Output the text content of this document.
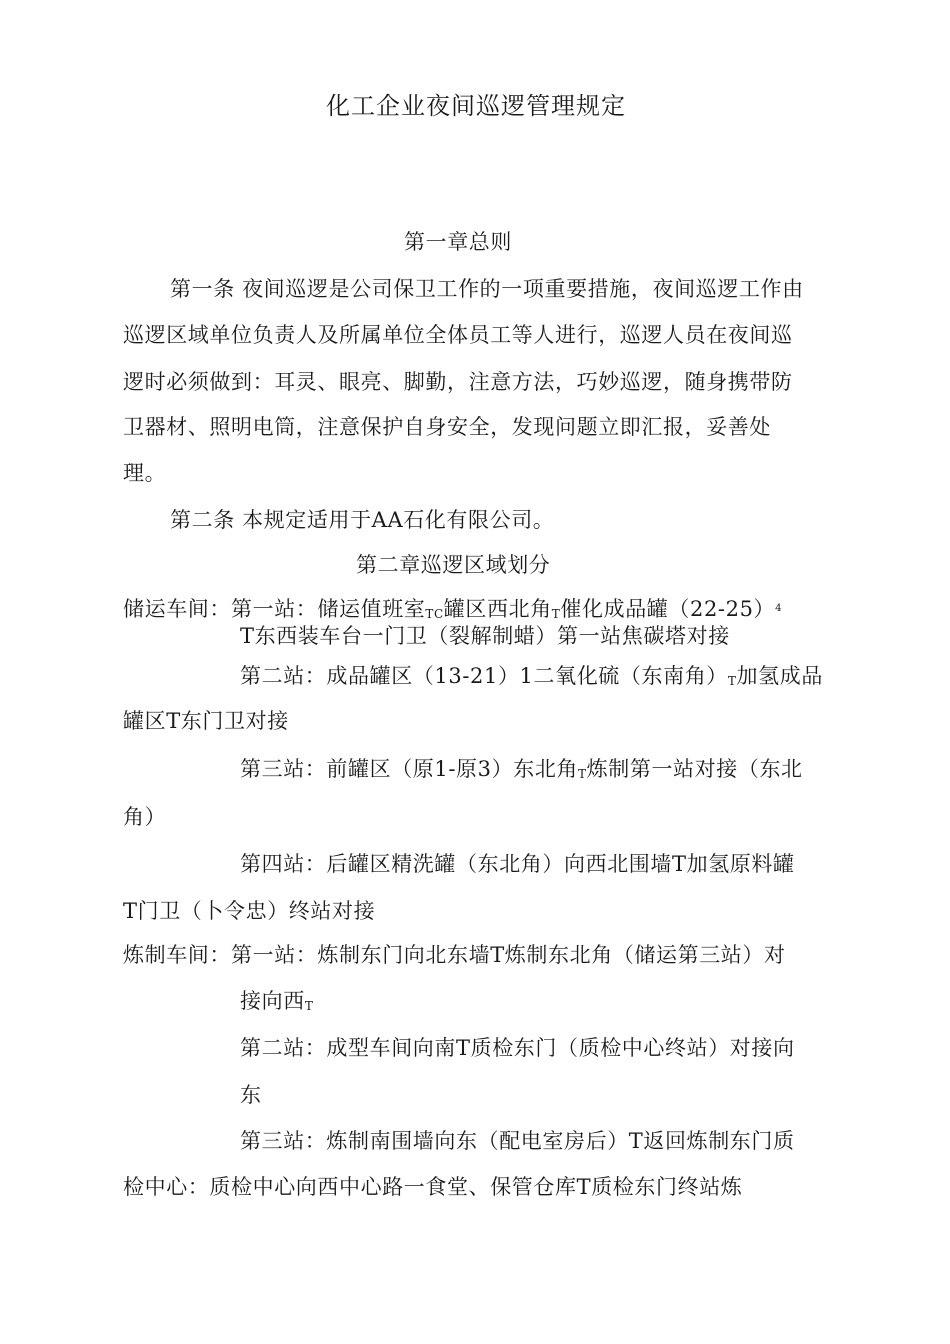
化工企业夜间巡逻管理规定
第一章总则
第一条 夜间巡逻是公司保卫工作的一项重要措施，夜间巡逻工作由
巡逻区域单位负责人及所属单位全体员工等人进行，巡逻人员在夜间巡
逻时必须做到：耳灵、眼亮、脚勤，注意方法，巧妙巡逻，随身携带防
卫器材、照明电筒，注意保护自身安全，发现问题立即汇报，妥善处
理。
第二条 本规定适用于AA石化有限公司。
第二章巡逻区域划分
储运车间：第一站：储运值班室TC罐区西北角T催化成品罐$(22-25)^4$
T东西装车台一门卫（裂解制蜡）第一站焦碳塔对接
第二站：成品罐区（13-21）1二氧化硫（东南角）T加氢成品
罐区T东门卫对接
第三站：前罐区（原1-原3）东北角T炼制第一站对接（东北
角）
第四站：后罐区精洗罐（东北角）向西北围墙T加氢原料罐
T门卫（卜令忠）终站对接
炼制车间：第一站：炼制东门向北东墙T炼制东北角（储运第三站）对
接向西T
第二站：成型车间向南T质检东门（质检中心终站）对接向
东
第三站：炼制南围墙向东（配电室房后）T返回炼制东门质
检中心：质检中心向西中心路一食堂、保管仓库T质检东门终站炼
